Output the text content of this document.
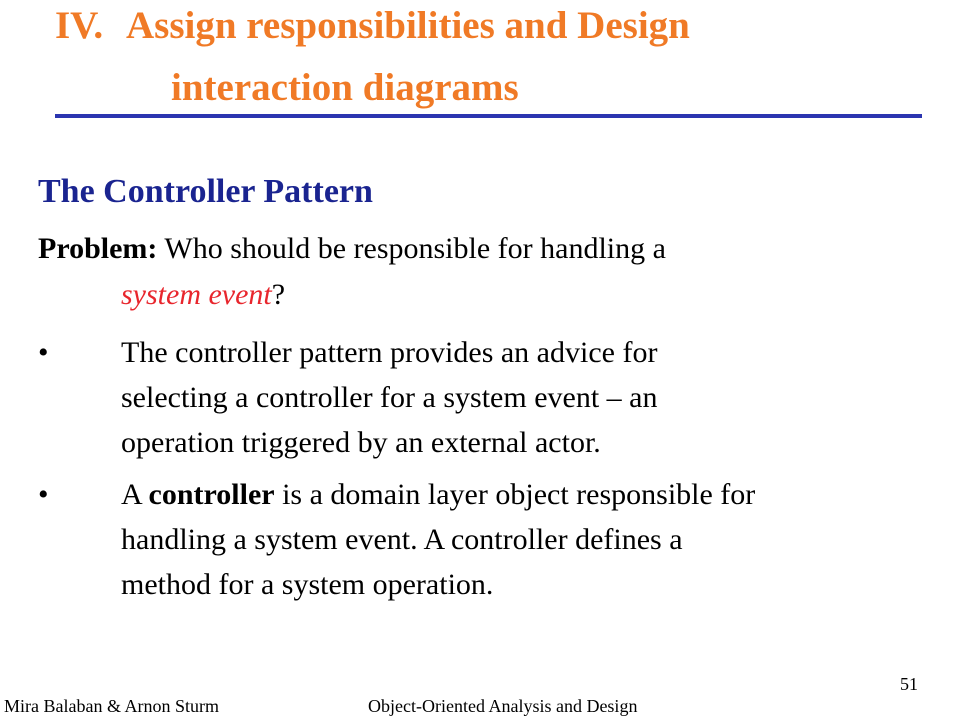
IV. Assign responsibilities and Design
interaction diagrams
The Controller Pattern
Problem: Who should be responsible for handling a
system event?
• The controller pattern provides an advice for
selecting a controller for a system event – an
operation triggered by an external actor.
• A controller is a domain layer object responsible for
handling a system event. A controller defines a
method for a system operation.
Mira Balaban & Arnon Sturm	Object-Oriented Analysis and Design
51
